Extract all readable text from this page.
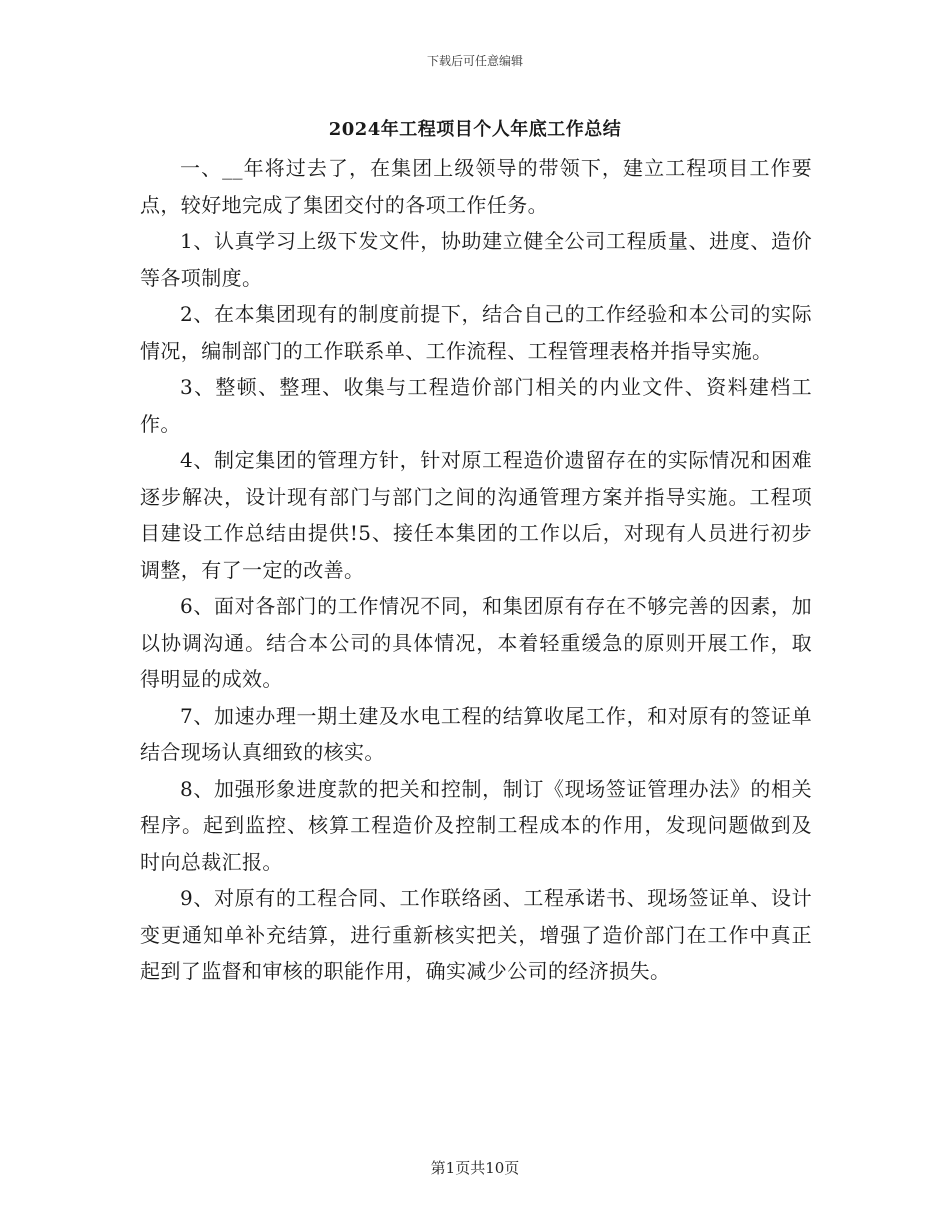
下载后可任意编辑
2024年工程项目个人年底工作总结

一、__年将过去了，在集团上级领导的带领下，建立工程项目工作要点，较好地完成了集团交付的各项工作任务。

1、认真学习上级下发文件，协助建立健全公司工程质量、进度、造价等各项制度。

2、在本集团现有的制度前提下，结合自己的工作经验和本公司的实际情况，编制部门的工作联系单、工作流程、工程管理表格并指导实施。

3、整顿、整理、收集与工程造价部门相关的内业文件、资料建档工作。

4、制定集团的管理方针，针对原工程造价遗留存在的实际情况和困难逐步解决，设计现有部门与部门之间的沟通管理方案并指导实施。工程项目建设工作总结由提供!5、接任本集团的工作以后，对现有人员进行初步调整，有了一定的改善。

6、面对各部门的工作情况不同，和集团原有存在不够完善的因素，加以协调沟通。结合本公司的具体情况，本着轻重缓急的原则开展工作，取得明显的成效。

7、加速办理一期土建及水电工程的结算收尾工作，和对原有的签证单结合现场认真细致的核实。

8、加强形象进度款的把关和控制，制订《现场签证管理办法》的相关程序。起到监控、核算工程造价及控制工程成本的作用，发现问题做到及时向总裁汇报。

9、对原有的工程合同、工作联络函、工程承诺书、现场签证单、设计变更通知单补充结算，进行重新核实把关，增强了造价部门在工作中真正起到了监督和审核的职能作用，确实减少公司的经济损失。

第1页共10页
